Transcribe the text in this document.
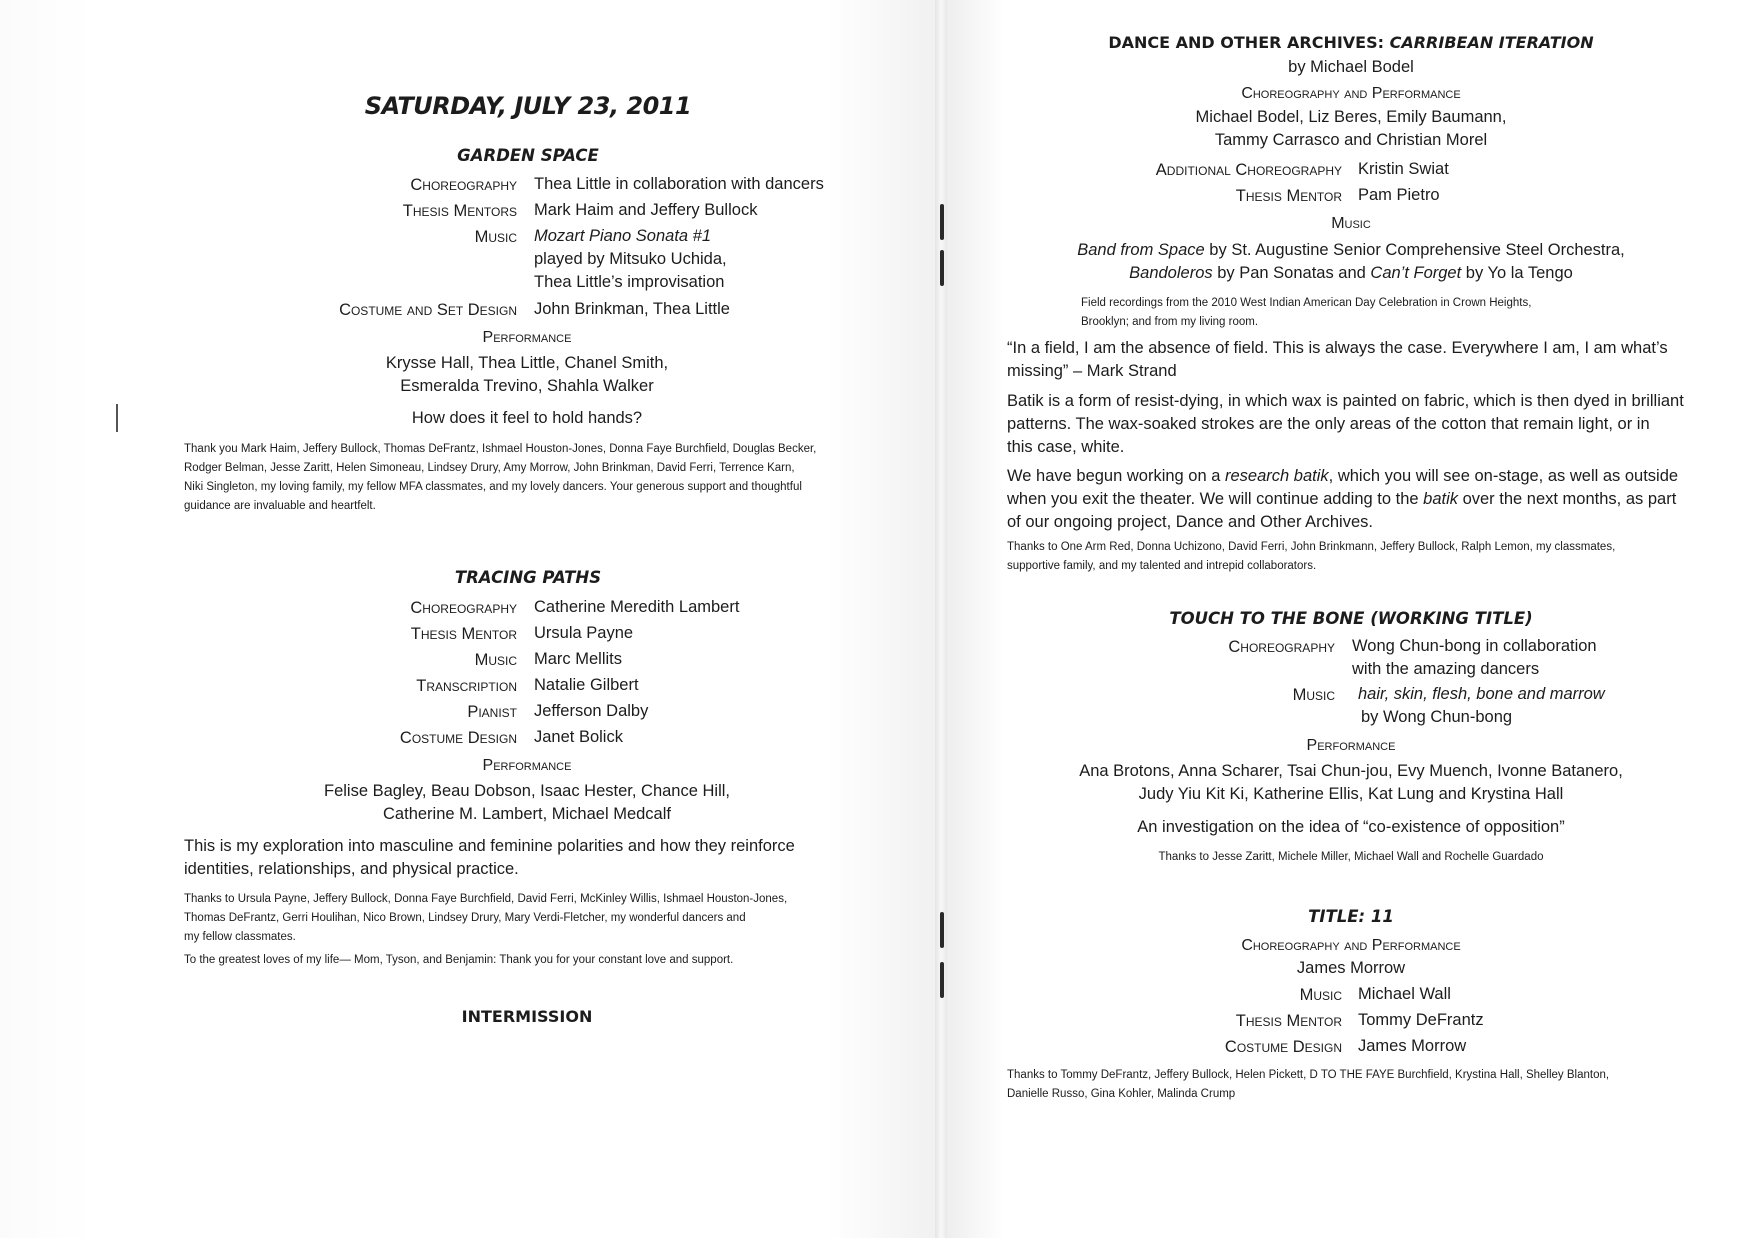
SATURDAY, JULY 23, 2011
GARDEN SPACE
Choreography Thea Little in collaboration with dancers
Thesis Mentors Mark Haim and Jeffery Bullock
Music Mozart Piano Sonata #1
played by Mitsuko Uchida,
Thea Little’s improvisation
Costume and Set Design John Brinkman, Thea Little
Performance
Krysse Hall, Thea Little, Chanel Smith,
Esmeralda Trevino, Shahla Walker
How does it feel to hold hands?
Thank you Mark Haim, Jeffery Bullock, Thomas DeFrantz, Ishmael Houston-Jones, Donna Faye Burchfield, Douglas Becker,
Rodger Belman, Jesse Zaritt, Helen Simoneau, Lindsey Drury, Amy Morrow, John Brinkman, David Ferri, Terrence Karn,
Niki Singleton, my loving family, my fellow MFA classmates, and my lovely dancers. Your generous support and thoughtful
guidance are invaluable and heartfelt.
TRACING PATHS
Choreography Catherine Meredith Lambert
Thesis Mentor Ursula Payne
Music Marc Mellits
Transcription Natalie Gilbert
Pianist Jefferson Dalby
Costume Design Janet Bolick
Performance
Felise Bagley, Beau Dobson, Isaac Hester, Chance Hill,
Catherine M. Lambert, Michael Medcalf
This is my exploration into masculine and feminine polarities and how they reinforce
identities, relationships, and physical practice.
Thanks to Ursula Payne, Jeffery Bullock, Donna Faye Burchfield, David Ferri, McKinley Willis, Ishmael Houston-Jones,
Thomas DeFrantz, Gerri Houlihan, Nico Brown, Lindsey Drury, Mary Verdi-Fletcher, my wonderful dancers and
my fellow classmates.
To the greatest loves of my life— Mom, Tyson, and Benjamin: Thank you for your constant love and support.
INTERMISSION
DANCE AND OTHER ARCHIVES: CARRIBEAN ITERATION
by Michael Bodel
Choreography and Performance
Michael Bodel, Liz Beres, Emily Baumann,
Tammy Carrasco and Christian Morel
Additional Choreography Kristin Swiat
Thesis Mentor Pam Pietro
Music
Band from Space by St. Augustine Senior Comprehensive Steel Orchestra,
Bandoleros by Pan Sonatas and Can’t Forget by Yo la Tengo
Field recordings from the 2010 West Indian American Day Celebration in Crown Heights,
Brooklyn; and from my living room.
“In a field, I am the absence of field. This is always the case. Everywhere I am, I am what’s
missing” – Mark Strand
Batik is a form of resist-dying, in which wax is painted on fabric, which is then dyed in brilliant
patterns. The wax-soaked strokes are the only areas of the cotton that remain light, or in
this case, white.
We have begun working on a research batik, which you will see on-stage, as well as outside
when you exit the theater. We will continue adding to the batik over the next months, as part
of our ongoing project, Dance and Other Archives.
Thanks to One Arm Red, Donna Uchizono, David Ferri, John Brinkmann, Jeffery Bullock, Ralph Lemon, my classmates,
supportive family, and my talented and intrepid collaborators.
TOUCH TO THE BONE (WORKING TITLE)
Choreography Wong Chun-bong in collaboration
with the amazing dancers
Music hair, skin, flesh, bone and marrow
by Wong Chun-bong
Performance
Ana Brotons, Anna Scharer, Tsai Chun-jou, Evy Muench, Ivonne Batanero,
Judy Yiu Kit Ki, Katherine Ellis, Kat Lung and Krystina Hall
An investigation on the idea of “co-existence of opposition”
Thanks to Jesse Zaritt, Michele Miller, Michael Wall and Rochelle Guardado
TITLE: 11
Choreography and Performance
James Morrow
Music Michael Wall
Thesis Mentor Tommy DeFrantz
Costume Design James Morrow
Thanks to Tommy DeFrantz, Jeffery Bullock, Helen Pickett, D TO THE FAYE Burchfield, Krystina Hall, Shelley Blanton,
Danielle Russo, Gina Kohler, Malinda Crump
